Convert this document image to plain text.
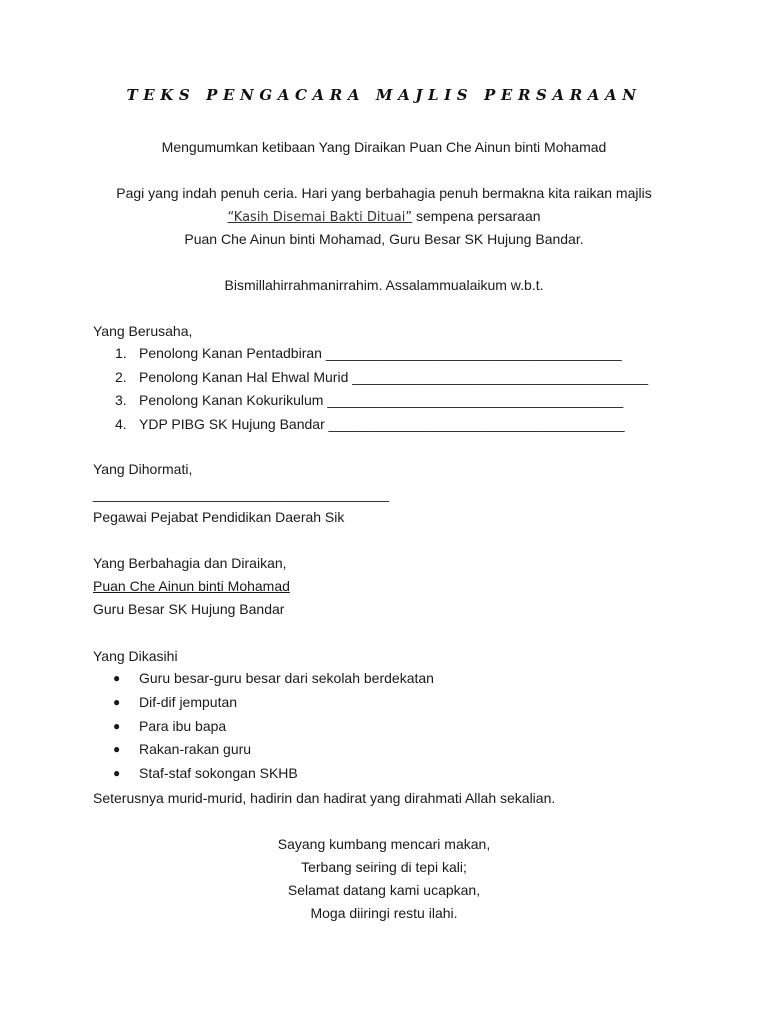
TEKS PENGACARA MAJLIS PERSARAAN
Mengumumkan ketibaan Yang Diraikan Puan Che Ainun binti Mohamad
Pagi yang indah penuh ceria. Hari yang berbahagia penuh bermakna kita raikan majlis
“Kasih Disemai Bakti Dituai” sempena persaraan
Puan Che Ainun binti Mohamad, Guru Besar SK Hujung Bandar.
Bismillahirrahmanirrahim. Assalammualaikum w.b.t.
Yang Berusaha,
1. Penolong Kanan Pentadbiran ______________________________________
2. Penolong Kanan Hal Ehwal Murid ______________________________________
3. Penolong Kanan Kokurikulum ______________________________________
4. YDP PIBG SK Hujung Bandar ______________________________________
Yang Dihormati,
______________________________________
Pegawai Pejabat Pendidikan Daerah Sik
Yang Berbahagia dan Diraikan,
Puan Che Ainun binti Mohamad
Guru Besar SK Hujung Bandar
Yang Dikasihi
● Guru besar-guru besar dari sekolah berdekatan
● Dif-dif jemputan
● Para ibu bapa
● Rakan-rakan guru
● Staf-staf sokongan SKHB
Seterusnya murid-murid, hadirin dan hadirat yang dirahmati Allah sekalian.
Sayang kumbang mencari makan,
Terbang seiring di tepi kali;
Selamat datang kami ucapkan,
Moga diiringi restu ilahi.
